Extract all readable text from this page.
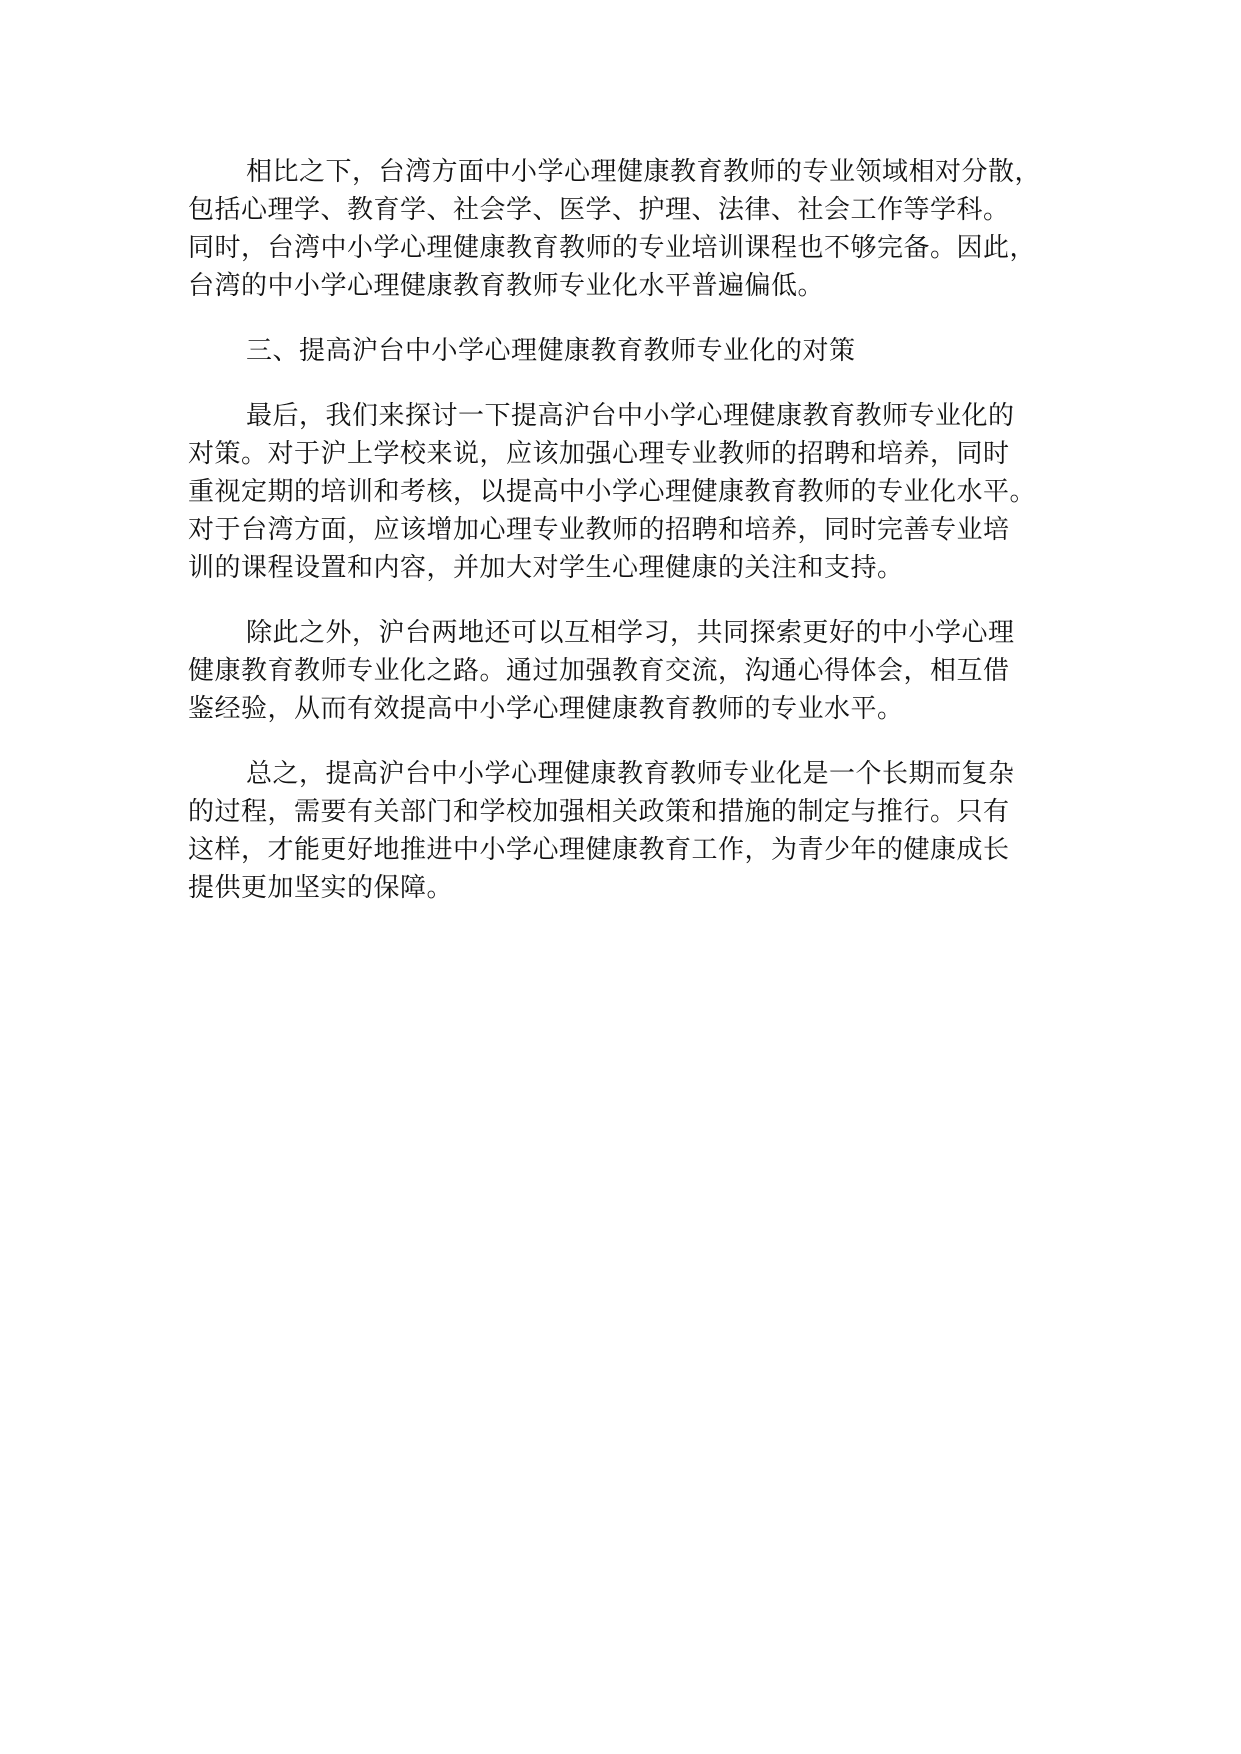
相比之下，台湾方面中小学心理健康教育教师的专业领域相对分散，
包括心理学、教育学、社会学、医学、护理、法律、社会工作等学科。
同时，台湾中小学心理健康教育教师的专业培训课程也不够完备。因此，
台湾的中小学心理健康教育教师专业化水平普遍偏低。
三、提高沪台中小学心理健康教育教师专业化的对策
最后，我们来探讨一下提高沪台中小学心理健康教育教师专业化的
对策。对于沪上学校来说，应该加强心理专业教师的招聘和培养，同时
重视定期的培训和考核，以提高中小学心理健康教育教师的专业化水平。
对于台湾方面，应该增加心理专业教师的招聘和培养，同时完善专业培
训的课程设置和内容，并加大对学生心理健康的关注和支持。
除此之外，沪台两地还可以互相学习，共同探索更好的中小学心理
健康教育教师专业化之路。通过加强教育交流，沟通心得体会，相互借
鉴经验，从而有效提高中小学心理健康教育教师的专业水平。
总之，提高沪台中小学心理健康教育教师专业化是一个长期而复杂
的过程，需要有关部门和学校加强相关政策和措施的制定与推行。只有
这样，才能更好地推进中小学心理健康教育工作，为青少年的健康成长
提供更加坚实的保障。
